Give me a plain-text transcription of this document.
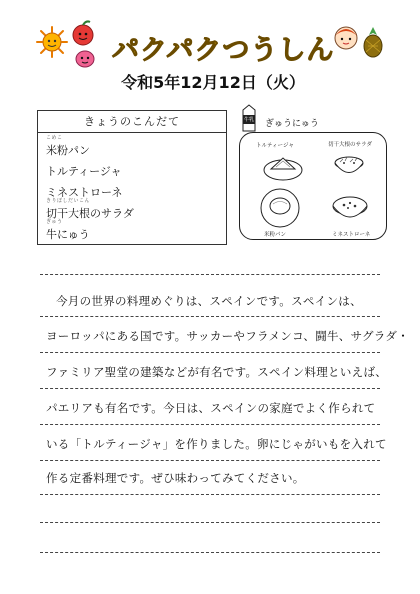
パクパクつうしん
令和5年12月12日（火）
きょうのこんだて
こめこ
米粉パン
トルティージャ
ミネストローネ
きりぼしだいこん
切干大根のサラダ
ぎゅう
牛にゅう
牛乳 ぎゅうにゅう
トルティージャ	切干大根のサラダ
米粉パン	ミネストローネ
今月の世界の料理めぐりは、スペインです。スペインは、
ヨーロッパにある国です。サッカーやフラメンコ、闘牛、サグラダ・
ファミリア聖堂の建築などが有名です。スペイン料理といえば、
パエリアも有名です。今日は、スペインの家庭でよく作られて
いる「トルティージャ」を作りました。卵にじゃがいもを入れて
作る定番料理です。ぜひ味わってみてください。
